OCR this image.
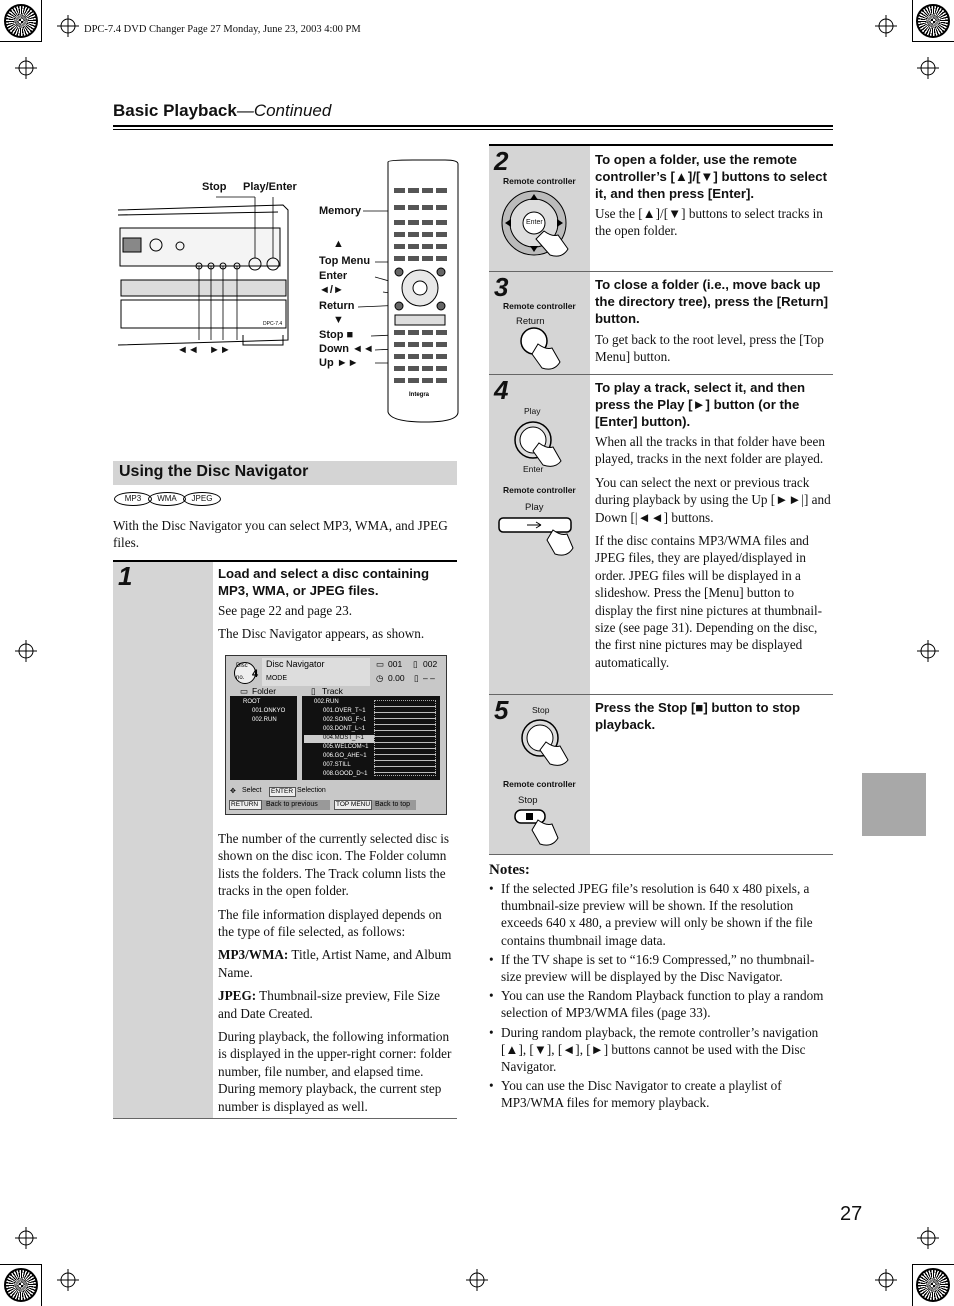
DPC-7.4 DVD Changer Page 27 Monday, June 23, 2003 4:00 PM
Basic Playback—Continued
DPC-7.4
Integra
Stop Play/Enter
Memory
▲
Top Menu
Enter
◄/►
Return
▼
Stop ■
Down ◄◄
Up ►►
◄◄ ►►
Using the Disc Navigator
MP3	WMA	JPEG
With the Disc Navigator you can select MP3, WMA, and JPEG files.
1	Load and select a disc containing MP3, WMA, or JPEG files.

See page 22 and page 23.

The Disc Navigator appears, as shown.

Disc no. 4
Disc Navigator
MODE
▭ 001 ▯ 002
◷ 0.00 ▯ – –
▭ Folder	▯ Track
ROOT
001.ONKYO
002.RUN
002.RUN
001.OVER_T~1
002.SONG_F~1
003.DONT_L~1
004.MOST_I~1
005.WELCOM~1
006.GO_AHE~1
007.STILL
008.GOOD_D~1
✥ Select ENTER Selection
RETURN Back to previous	TOP MENU Back to top

The number of the currently selected disc is shown on the disc icon. The Folder column lists the folders. The Track column lists the tracks in the open folder.

The file information displayed depends on the type of file selected, as follows:

MP3/WMA: Title, Artist Name, and Album Name.

JPEG: Thumbnail-size preview, File Size and Date Created.

During playback, the following information is displayed in the upper-right corner: folder number, file number, and elapsed time. During memory playback, the current step number is displayed as well.

2
Remote controller
Enter
To open a folder, use the remote controller’s [▲]/[▼] buttons to select it, and then press [Enter].
Use the [▲]/[▼] buttons to select tracks in the open folder.
3
Remote controller
Return
To close a folder (i.e., move back up the directory tree), press the [Return] button.
To get back to the root level, press the [Top Menu] button.
4
Play
Enter
Remote controller
Play
To play a track, select it, and then press the Play [►] button (or the [Enter] button).

When all the tracks in that folder have been played, tracks in the next folder are played.

You can select the next or previous track during playback by using the Up [►►|] and Down [|◄◄] buttons.

If the disc contains MP3/WMA files and JPEG files, they are played/displayed in order. JPEG files will be displayed in a slideshow. Press the [Menu] button to display the first nine pictures at thumbnail-size (see page 31). Depending on the disc, the first nine pictures may be displayed automatically.

5	Stop
Remote controller
Stop
Press the Stop [■] button to stop playback.
Notes:
• If the selected JPEG file’s resolution is 640 x 480 pixels, a thumbnail-size preview will be shown. If the resolution exceeds 640 x 480, a preview will only be shown if the file contains thumbnail image data.
• If the TV shape is set to “16:9 Compressed,” no thumbnail-size preview will be displayed by the Disc Navigator.
• You can use the Random Playback function to play a random selection of MP3/WMA files (page 33).
• During random playback, the remote controller’s navigation [▲], [▼], [◄], [►] buttons cannot be used with the Disc Navigator.
• You can use the Disc Navigator to create a playlist of MP3/WMA files for memory playback.
27
